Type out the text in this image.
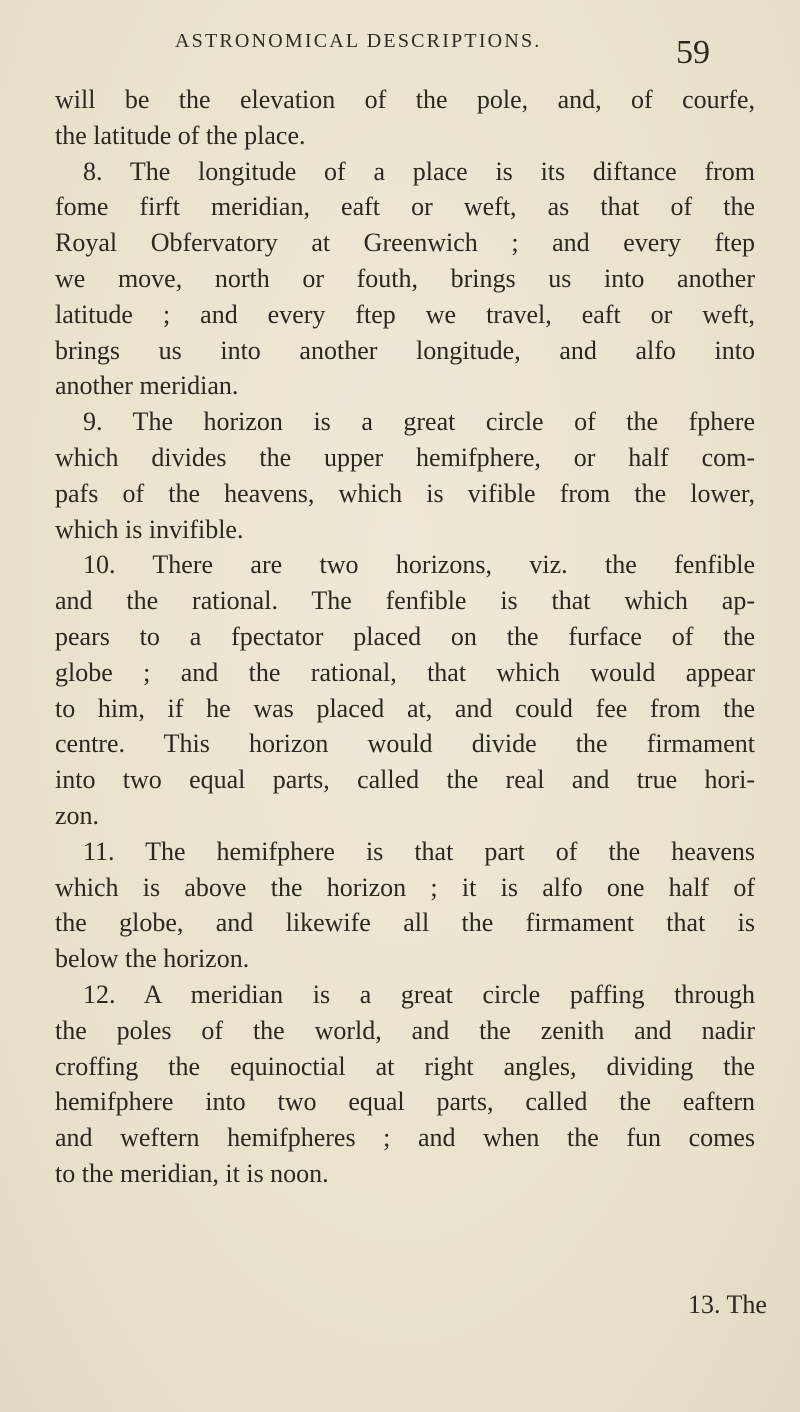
ASTRONOMICAL DESCRIPTIONS.	59
will be the elevation of the pole, and, of courfe,
the latitude of the place.
8. The longitude of a place is its diftance from
fome firft meridian, eaft or weft, as that of the
Royal Obfervatory at Greenwich ; and every ftep
we move, north or fouth, brings us into another
latitude ; and every ftep we travel, eaft or weft,
brings us into another longitude, and alfo into
another meridian.
9. The horizon is a great circle of the fphere
which divides the upper hemifphere, or half com-
pafs of the heavens, which is vifible from the lower,
which is invifible.
10. There are two horizons, viz. the fenfible
and the rational. The fenfible is that which ap-
pears to a fpectator placed on the furface of the
globe ; and the rational, that which would appear
to him, if he was placed at, and could fee from the
centre. This horizon would divide the firmament
into two equal parts, called the real and true hori-
zon.
11. The hemifphere is that part of the heavens
which is above the horizon ; it is alfo one half of
the globe, and likewife all the firmament that is
below the horizon.
12. A meridian is a great circle paffing through
the poles of the world, and the zenith and nadir
croffing the equinoctial at right angles, dividing the
hemifphere into two equal parts, called the eaftern
and weftern hemifpheres ; and when the fun comes
to the meridian, it is noon.
13. The
